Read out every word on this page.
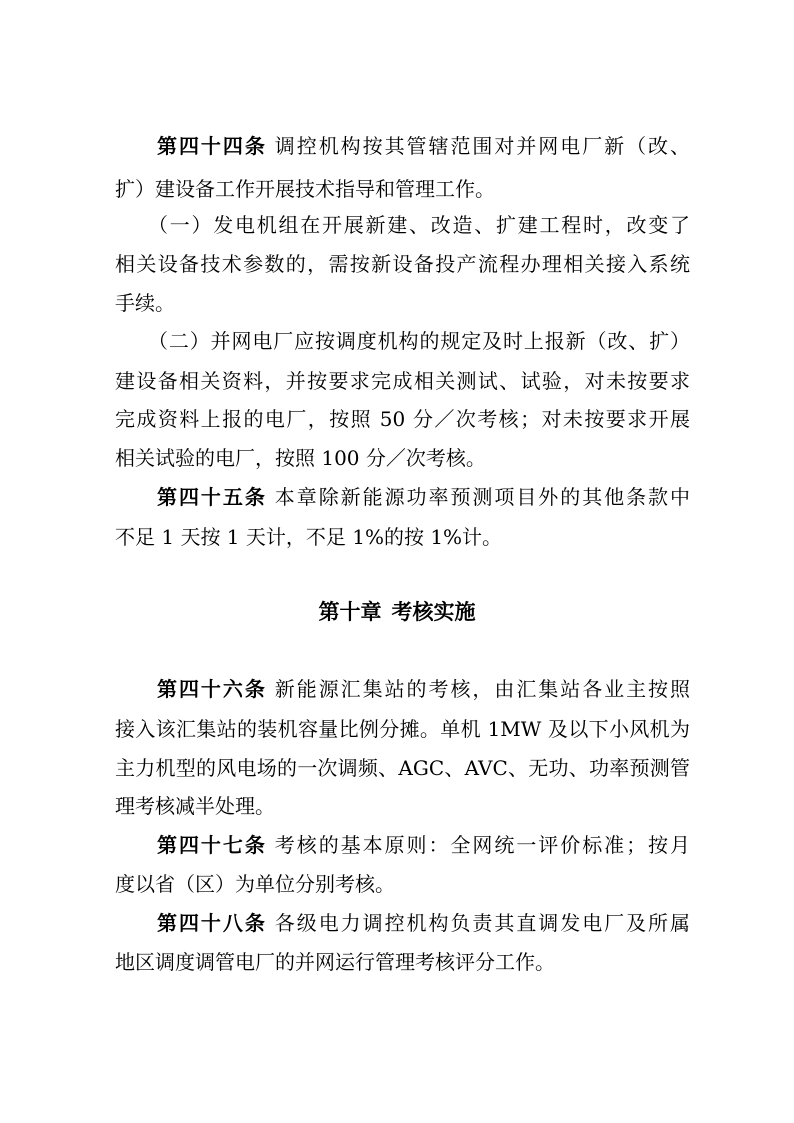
第四十四条 调控机构按其管辖范围对并网电厂新（改、
扩）建设备工作开展技术指导和管理工作。
（一）发电机组在开展新建、改造、扩建工程时，改变了
相关设备技术参数的，需按新设备投产流程办理相关接入系统
手续。
（二）并网电厂应按调度机构的规定及时上报新（改、扩）
建设备相关资料，并按要求完成相关测试、试验，对未按要求
完成资料上报的电厂，按照 50 分／次考核；对未按要求开展
相关试验的电厂，按照 100 分／次考核。
第四十五条 本章除新能源功率预测项目外的其他条款中
不足 1 天按 1 天计，不足 1%的按 1%计。
第十章 考核实施
第四十六条 新能源汇集站的考核，由汇集站各业主按照
接入该汇集站的装机容量比例分摊。单机 1MW 及以下小风机为
主力机型的风电场的一次调频、AGC、AVC、无功、功率预测管
理考核减半处理。
第四十七条 考核的基本原则：全网统一评价标准；按月
度以省（区）为单位分别考核。
第四十八条 各级电力调控机构负责其直调发电厂及所属
地区调度调管电厂的并网运行管理考核评分工作。
